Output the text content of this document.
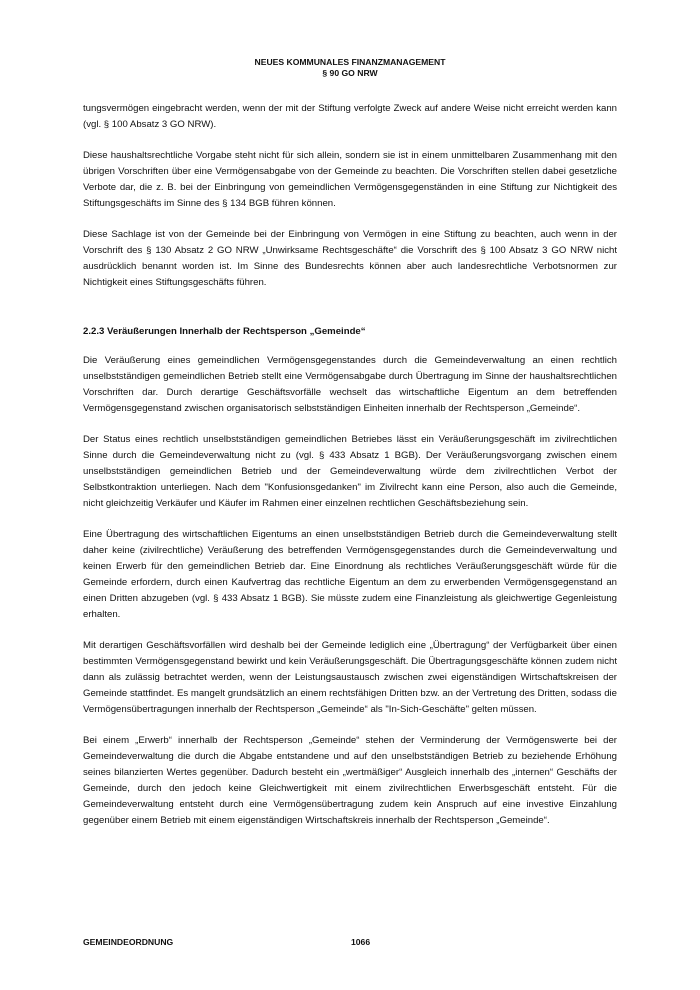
NEUES KOMMUNALES FINANZMANAGEMENT
§ 90 GO NRW

tungsvermögen eingebracht werden, wenn der mit der Stiftung verfolgte Zweck auf andere Weise nicht erreicht werden kann (vgl. § 100 Absatz 3 GO NRW).

Diese haushaltsrechtliche Vorgabe steht nicht für sich allein, sondern sie ist in einem unmittelbaren Zusammenhang mit den übrigen Vorschriften über eine Vermögensabgabe von der Gemeinde zu beachten. Die Vorschriften stellen dabei gesetzliche Verbote dar, die z. B. bei der Einbringung von gemeindlichen Vermögensgegenständen in eine Stiftung zur Nichtigkeit des Stiftungsgeschäfts im Sinne des § 134 BGB führen können.

Diese Sachlage ist von der Gemeinde bei der Einbringung von Vermögen in eine Stiftung zu beachten, auch wenn in der Vorschrift des § 130 Absatz 2 GO NRW „Unwirksame Rechtsgeschäfte“ die Vorschrift des § 100 Absatz 3 GO NRW nicht ausdrücklich benannt worden ist. Im Sinne des Bundesrechts können aber auch landesrechtliche Verbotsnormen zur Nichtigkeit eines Stiftungsgeschäfts führen.

2.2.3 Veräußerungen Innerhalb der Rechtsperson „Gemeinde“

Die Veräußerung eines gemeindlichen Vermögensgegenstandes durch die Gemeindeverwaltung an einen rechtlich unselbstständigen gemeindlichen Betrieb stellt eine Vermögensabgabe durch Übertragung im Sinne der haushaltsrechtlichen Vorschriften dar. Durch derartige Geschäftsvorfälle wechselt das wirtschaftliche Eigentum an dem betreffenden Vermögensgegenstand zwischen organisatorisch selbstständigen Einheiten innerhalb der Rechtsperson „Gemeinde“.

Der Status eines rechtlich unselbstständigen gemeindlichen Betriebes lässt ein Veräußerungsgeschäft im zivilrechtlichen Sinne durch die Gemeindeverwaltung nicht zu (vgl. § 433 Absatz 1 BGB). Der Veräußerungsvorgang zwischen einem unselbstständigen gemeindlichen Betrieb und der Gemeindeverwaltung würde dem zivilrechtlichen Verbot der Selbstkontraktion unterliegen. Nach dem "Konfusionsgedanken" im Zivilrecht kann eine Person, also auch die Gemeinde, nicht gleichzeitig Verkäufer und Käufer im Rahmen einer einzelnen rechtlichen Geschäftsbeziehung sein.

Eine Übertragung des wirtschaftlichen Eigentums an einen unselbstständigen Betrieb durch die Gemeindeverwaltung stellt daher keine (zivilrechtliche) Veräußerung des betreffenden Vermögensgegenstandes durch die Gemeindeverwaltung und keinen Erwerb für den gemeindlichen Betrieb dar. Eine Einordnung als rechtliches Veräußerungsgeschäft würde für die Gemeinde erfordern, durch einen Kaufvertrag das rechtliche Eigentum an dem zu erwerbenden Vermögensgegenstand an einen Dritten abzugeben (vgl. § 433 Absatz 1 BGB). Sie müsste zudem eine Finanzleistung als gleichwertige Gegenleistung erhalten.

Mit derartigen Geschäftsvorfällen wird deshalb bei der Gemeinde lediglich eine „Übertragung“ der Verfügbarkeit über einen bestimmten Vermögensgegenstand bewirkt und kein Veräußerungsgeschäft. Die Übertragungsgeschäfte können zudem nicht dann als zulässig betrachtet werden, wenn der Leistungsaustausch zwischen zwei eigenständigen Wirtschaftskreisen der Gemeinde stattfindet. Es mangelt grundsätzlich an einem rechtsfähigen Dritten bzw. an der Vertretung des Dritten, sodass die Vermögensübertragungen innerhalb der Rechtsperson „Gemeinde“ als "In-Sich-Geschäfte" gelten müssen.

Bei einem „Erwerb“ innerhalb der Rechtsperson „Gemeinde“ stehen der Verminderung der Vermögenswerte bei der Gemeindeverwaltung die durch die Abgabe entstandene und auf den unselbstständigen Betrieb zu beziehende Erhöhung seines bilanzierten Wertes gegenüber. Dadurch besteht ein „wertmäßiger“ Ausgleich innerhalb des „internen“ Geschäfts der Gemeinde, durch den jedoch keine Gleichwertigkeit mit einem zivilrechtlichen Erwerbsgeschäft entsteht. Für die Gemeindeverwaltung entsteht durch eine Vermögensübertragung zudem kein Anspruch auf eine investive Einzahlung gegenüber einem Betrieb mit einem eigenständigen Wirtschaftskreis innerhalb der Rechtsperson „Gemeinde“.

GEMEINDEORDNUNG	1066
